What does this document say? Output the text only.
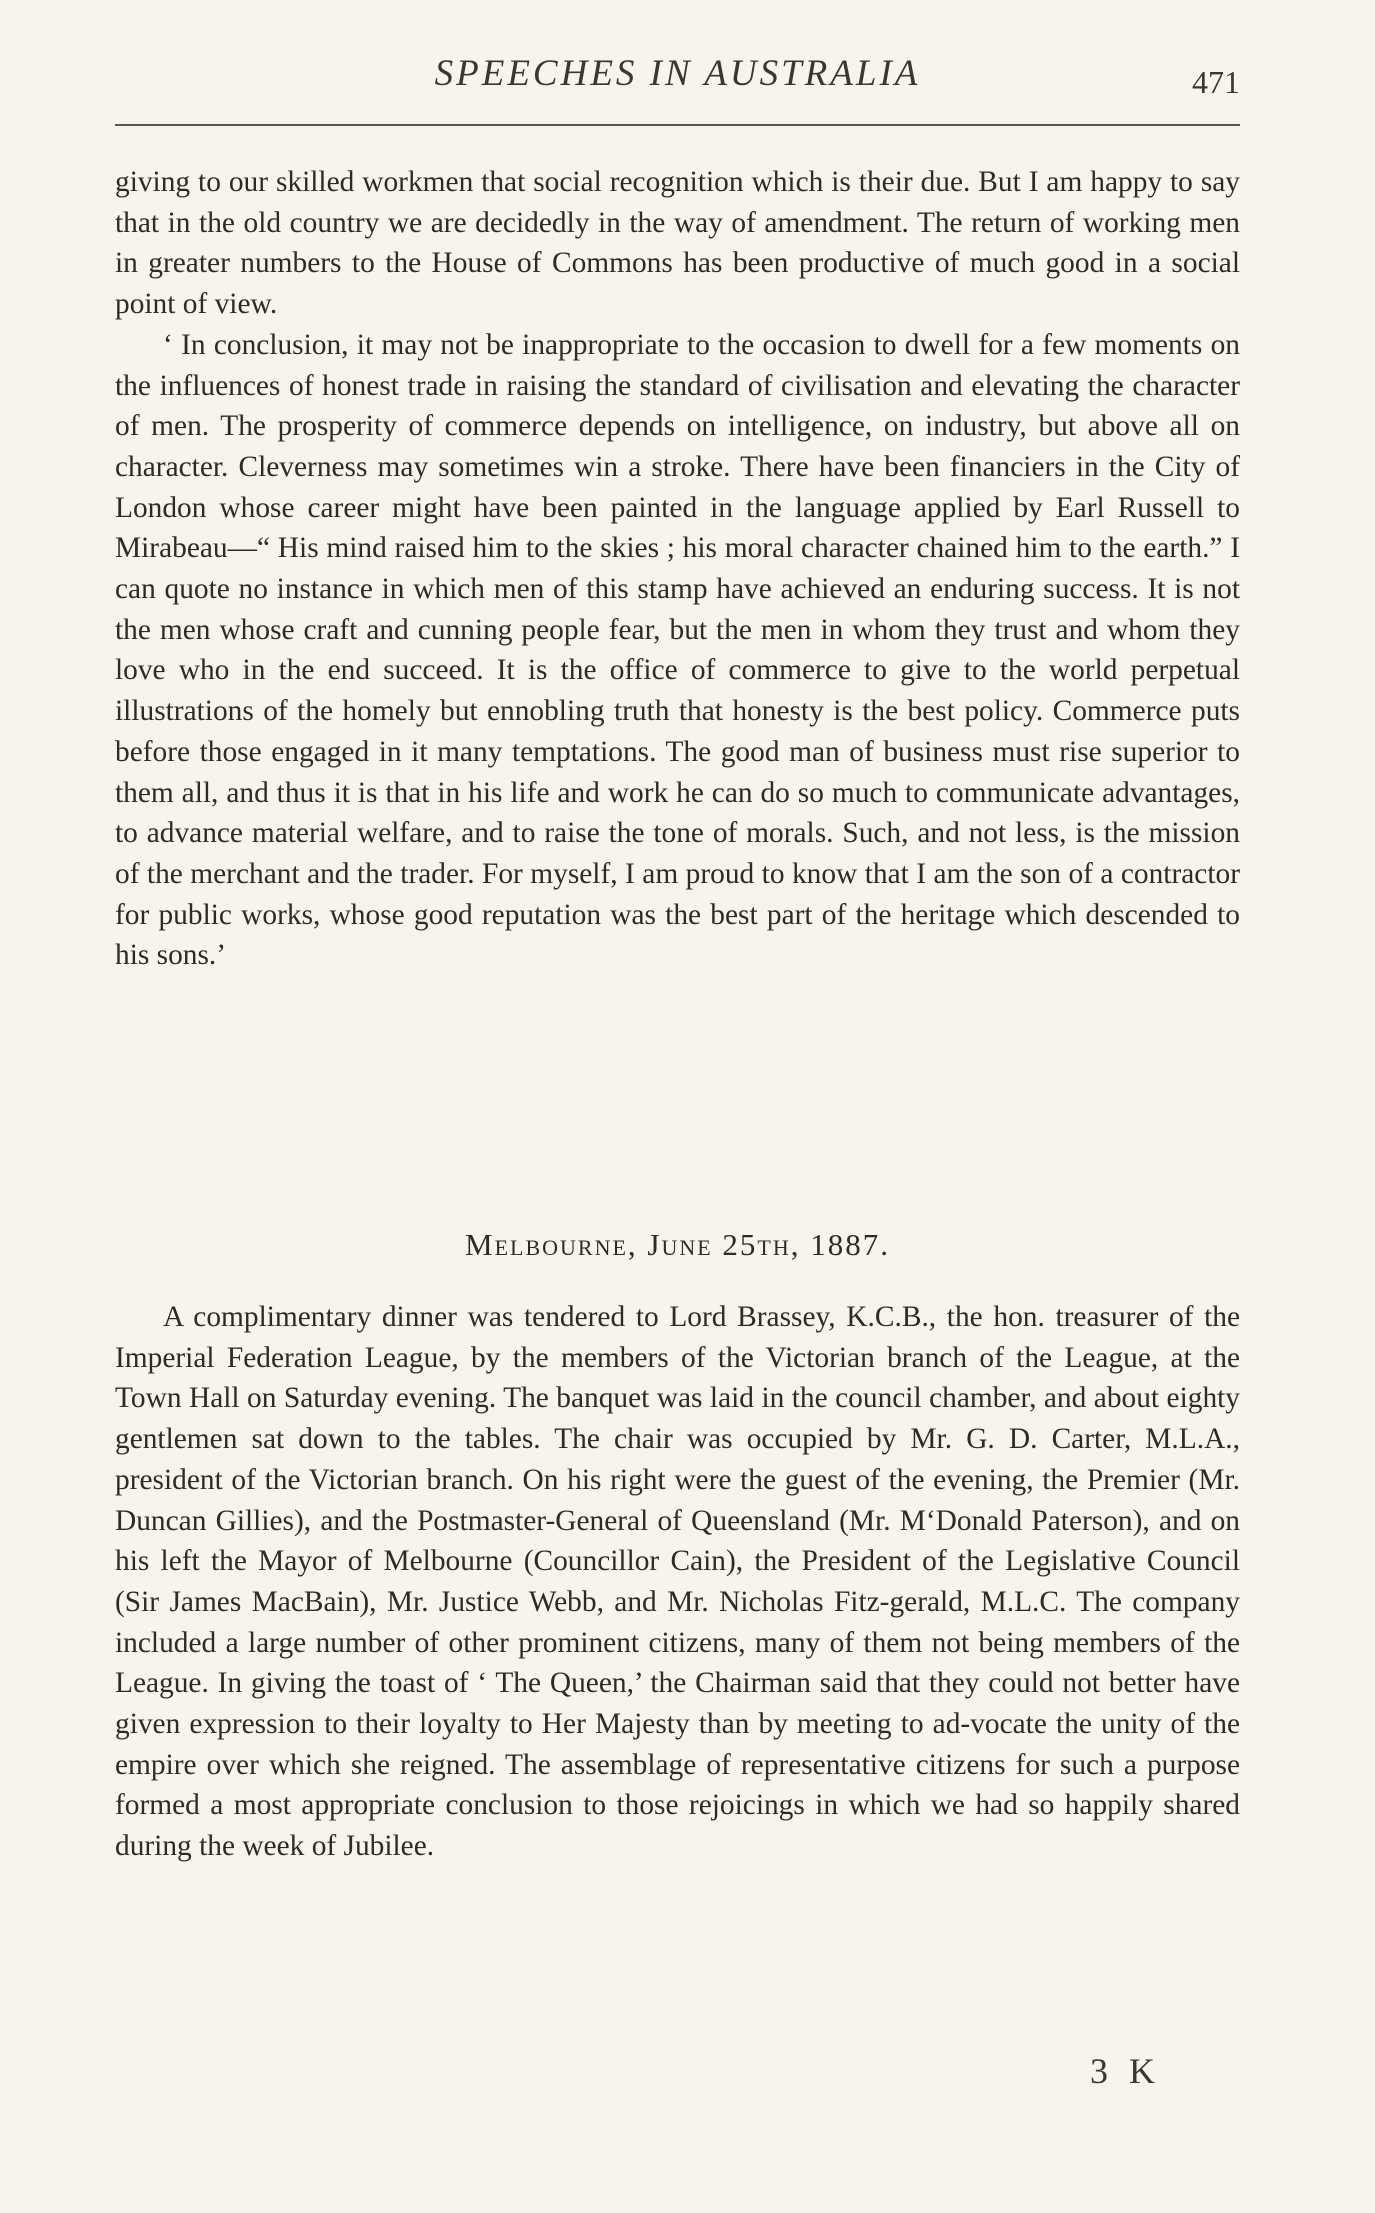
SPEECHES IN AUSTRALIA	471

giving to our skilled workmen that social recognition which is their due. But I am happy to say that in the old country we are decidedly in the way of amendment. The return of working men in greater numbers to the House of Commons has been productive of much good in a social point of view.

‘ In conclusion, it may not be inappropriate to the occasion to dwell for a few moments on the influences of honest trade in raising the standard of civilisation and elevating the character of men. The prosperity of commerce depends on intelligence, on industry, but above all on character. Cleverness may sometimes win a stroke. There have been financiers in the City of London whose career might have been painted in the language applied by Earl Russell to Mirabeau—“ His mind raised him to the skies ; his moral character chained him to the earth.” I can quote no instance in which men of this stamp have achieved an enduring success. It is not the men whose craft and cunning people fear, but the men in whom they trust and whom they love who in the end succeed. It is the office of commerce to give to the world perpetual illustrations of the homely but ennobling truth that honesty is the best policy. Commerce puts before those engaged in it many temptations. The good man of business must rise superior to them all, and thus it is that in his life and work he can do so much to communicate advantages, to advance material welfare, and to raise the tone of morals. Such, and not less, is the mission of the merchant and the trader. For myself, I am proud to know that I am the son of a contractor for public works, whose good reputation was the best part of the heritage which descended to his sons.’

Melbourne, June 25th, 1887.

A complimentary dinner was tendered to Lord Brassey, K.C.B., the hon. treasurer of the Imperial Federation League, by the members of the Victorian branch of the League, at the Town Hall on Saturday evening. The banquet was laid in the council chamber, and about eighty gentlemen sat down to the tables. The chair was occupied by Mr. G. D. Carter, M.L.A., president of the Victorian branch. On his right were the guest of the evening, the Premier (Mr. Duncan Gillies), and the Postmaster-General of Queensland (Mr. M‘Donald Paterson), and on his left the Mayor of Melbourne (Councillor Cain), the President of the Legislative Council (Sir James MacBain), Mr. Justice Webb, and Mr. Nicholas Fitz-gerald, M.L.C. The company included a large number of other prominent citizens, many of them not being members of the League. In giving the toast of ‘ The Queen,’ the Chairman said that they could not better have given expression to their loyalty to Her Majesty than by meeting to ad-vocate the unity of the empire over which she reigned. The assemblage of representative citizens for such a purpose formed a most appropriate conclusion to those rejoicings in which we had so happily shared during the week of Jubilee.

3 K
